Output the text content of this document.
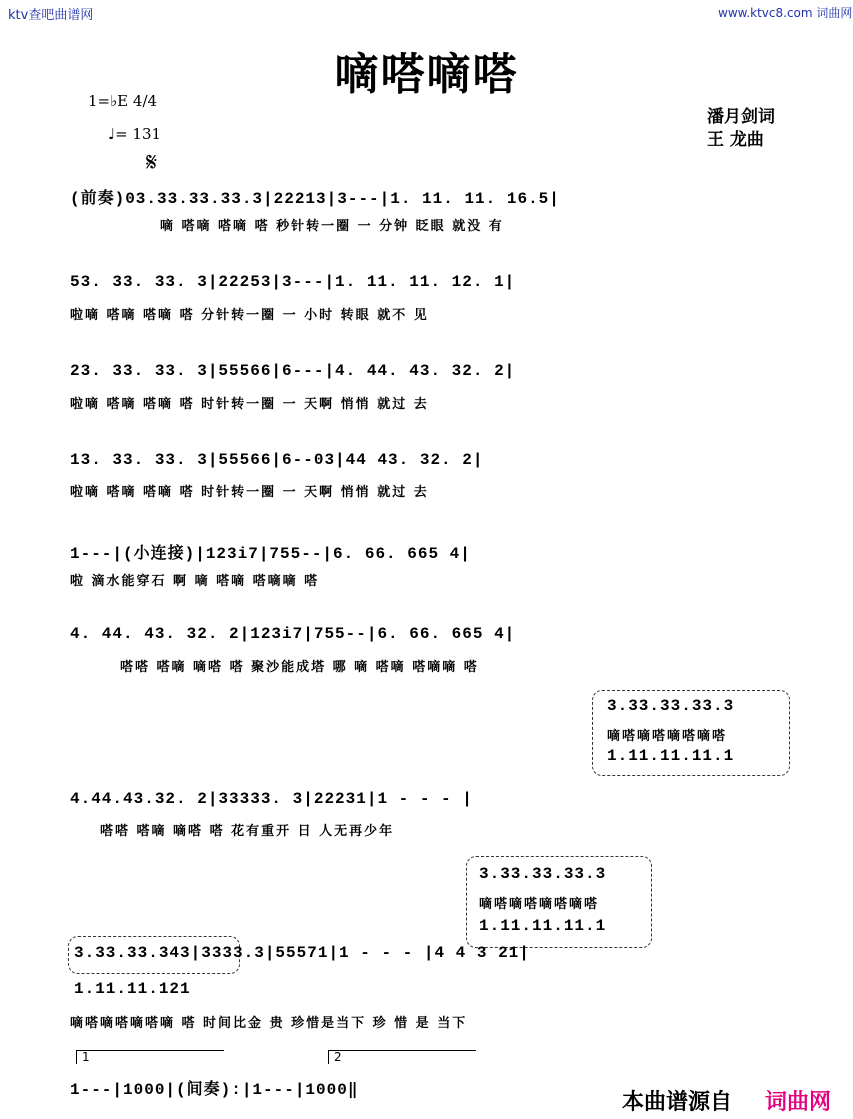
ktv查吧曲谱网	www.ktvc8.com 词曲网
嘀嗒嘀嗒
1=♭E 4/4
♩= 131
𝄋
潘月剑词
王 龙曲
(前奏)03.33.33.33.3|22213|3---|1. 11. 11. 16.5|
嘀 嗒嘀 嗒嘀 嗒 秒针转一圈 一 分钟 眨眼 就没 有
53. 33. 33. 3|22253|3---|1. 11. 11. 12. 1|
啦嘀 嗒嘀 嗒嘀 嗒 分针转一圈 一 小时 转眼 就不 见
23. 33. 33. 3|55566|6---|4. 44. 43. 32. 2|
啦嘀 嗒嘀 嗒嘀 嗒 时针转一圈 一 天啊 悄悄 就过 去
13. 33. 33. 3|55566|6--03|44 43. 32. 2|
啦嘀 嗒嘀 嗒嘀 嗒 时针转一圈 一 天啊 悄悄 就过 去
1---|(小连接)|123i7|755--|6. 66. 665 4|
啦 滴水能穿石 啊 嘀 嗒嘀 嗒嘀嘀 嗒
4. 44. 43. 32. 2|123i7|755--|6. 66. 665 4|
嗒嗒 嗒嘀 嘀嗒 嗒 聚沙能成塔 哪 嘀 嗒嘀 嗒嘀嘀 嗒
3.33.33.33.3
嘀嗒嘀嗒嘀嗒嘀嗒
1.11.11.11.1
4.44.43.32. 2|33333. 3|22231|1 - - - |
嗒嗒 嗒嘀 嘀嗒 嗒 花有重开 日 人无再少年
3.33.33.33.3
嘀嗒嘀嗒嘀嗒嘀嗒
1.11.11.11.1
3.33.33.343|3333.3|55571|1 - - - |4 4 3 21|
1.11.11.121
嘀嗒嘀嗒嘀嗒嘀 嗒 时间比金 贵 珍惜是当下 珍 惜 是 当下
1	2
1---|1000|(间奏):|1---|1000‖	本曲谱源自 词曲网
